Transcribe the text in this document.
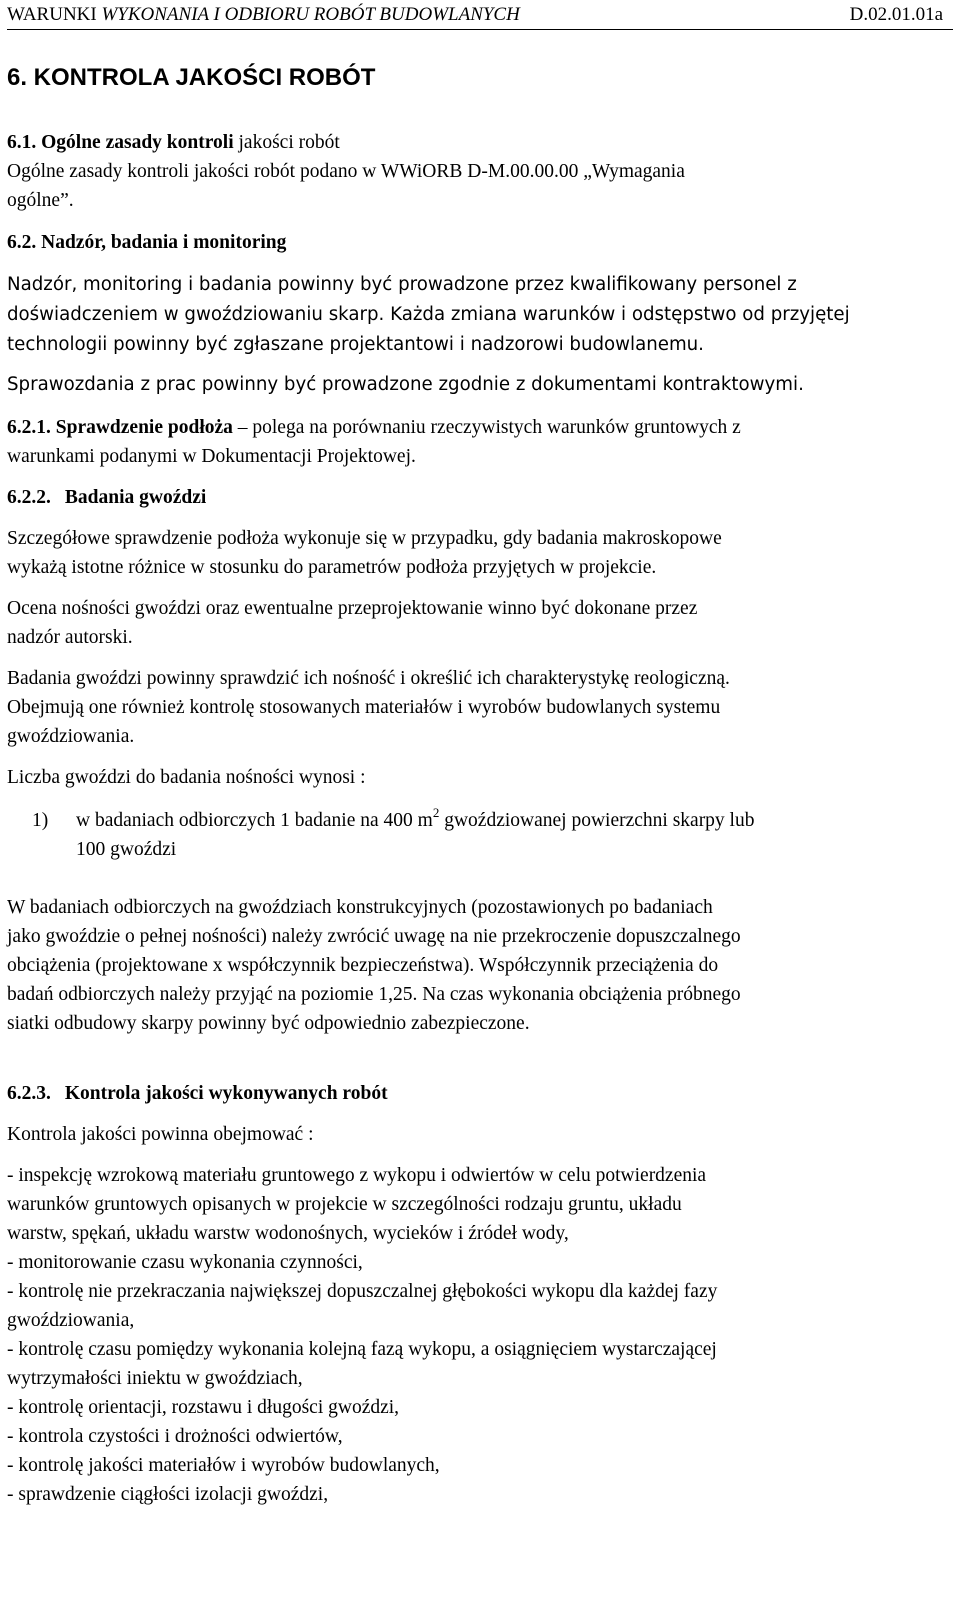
WARUNKI WYKONANIA I ODBIORU ROBÓT BUDOWLANYCH	D.02.01.01a
6. KONTROLA JAKOŚCI ROBÓT
6.1. Ogólne zasady kontroli jakości robót
Ogólne zasady kontroli jakości robót podano w WWiORB D-M.00.00.00 „Wymagania
ogólne”.
6.2. Nadzór, badania i monitoring
Nadzór, monitoring i badania powinny być prowadzone przez kwalifikowany personel z
doświadczeniem w gwoździowaniu skarp. Każda zmiana warunków i odstępstwo od przyjętej
technologii powinny być zgłaszane projektantowi i nadzorowi budowlanemu.
Sprawozdania z prac powinny być prowadzone zgodnie z dokumentami kontraktowymi.
6.2.1. Sprawdzenie podłoża – polega na porównaniu rzeczywistych warunków gruntowych z
warunkami podanymi w Dokumentacji Projektowej.
6.2.2. Badania gwoździ
Szczegółowe sprawdzenie podłoża wykonuje się w przypadku, gdy badania makroskopowe
wykażą istotne różnice w stosunku do parametrów podłoża przyjętych w projekcie.
Ocena nośności gwoździ oraz ewentualne przeprojektowanie winno być dokonane przez
nadzór autorski.
Badania gwoździ powinny sprawdzić ich nośność i określić ich charakterystykę reologiczną.
Obejmują one również kontrolę stosowanych materiałów i wyrobów budowlanych systemu
gwoździowania.
Liczba gwoździ do badania nośności wynosi :
1) w badaniach odbiorczych 1 badanie na 400 $m^2$ gwoździowanej powierzchni skarpy lub
100 gwoździ
W badaniach odbiorczych na gwoździach konstrukcyjnych (pozostawionych po badaniach
jako gwoździe o pełnej nośności) należy zwrócić uwagę na nie przekroczenie dopuszczalnego
obciążenia (projektowane x współczynnik bezpieczeństwa). Współczynnik przeciążenia do
badań odbiorczych należy przyjąć na poziomie 1,25. Na czas wykonania obciążenia próbnego
siatki odbudowy skarpy powinny być odpowiednio zabezpieczone.
6.2.3. Kontrola jakości wykonywanych robót
Kontrola jakości powinna obejmować :
- inspekcję wzrokową materiału gruntowego z wykopu i odwiertów w celu potwierdzenia
warunków gruntowych opisanych w projekcie w szczególności rodzaju gruntu, układu
warstw, spękań, układu warstw wodonośnych, wycieków i źródeł wody,
- monitorowanie czasu wykonania czynności,
- kontrolę nie przekraczania największej dopuszczalnej głębokości wykopu dla każdej fazy
gwoździowania,
- kontrolę czasu pomiędzy wykonania kolejną fazą wykopu, a osiągnięciem wystarczającej
wytrzymałości iniektu w gwoździach,
- kontrolę orientacji, rozstawu i długości gwoździ,
- kontrola czystości i drożności odwiertów,
- kontrolę jakości materiałów i wyrobów budowlanych,
- sprawdzenie ciągłości izolacji gwoździ,
